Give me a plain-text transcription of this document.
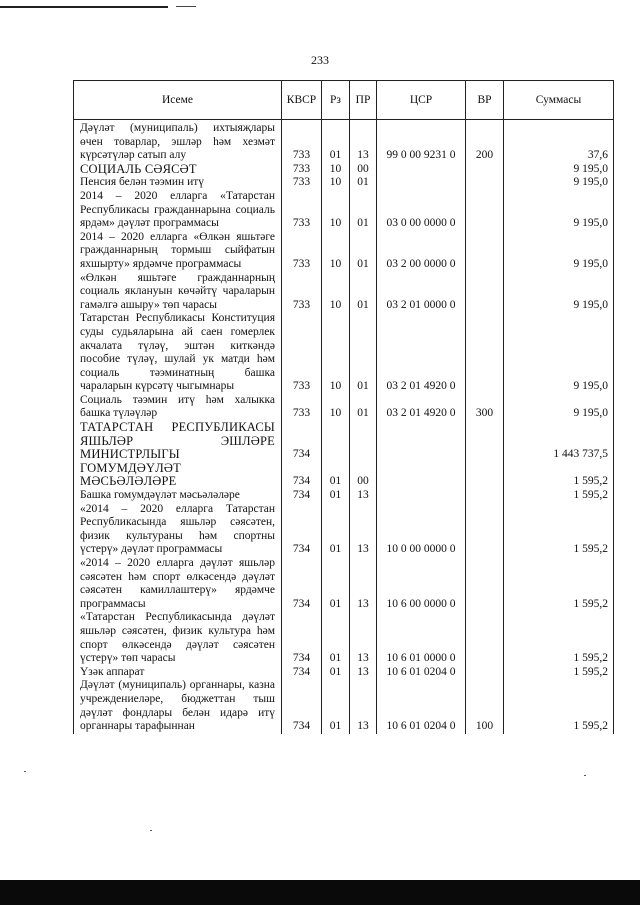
233
Исеме	КВСР	Рз	ПР	ЦСР	ВР	Суммасы
Дәүләт (муниципаль) ихтыяҗлары өчен товарлар, эшләр һәм хезмәт күрсәтүләр сатып алу	733	01	13	99 0 00 9231 0	200	37,6
СОЦИАЛЬ СӘЯСӘТ	733	10	00			9 195,0
Пенсия белән тәэмин итү	733	10	01			9 195,0
2014 – 2020 елларга «Татарстан Республикасы гражданнарына социаль ярдәм» дәүләт программасы	733	10	01	03 0 00 0000 0		9 195,0
2014 – 2020 елларга «Өлкән яшьтәге гражданнарның тормыш сыйфатын яхшырту» ярдәмче программасы	733	10	01	03 2 00 0000 0		9 195,0
«Өлкән яшьтәге гражданнарның социаль яклануын көчәйтү чараларын гамәлгә ашыру» төп чарасы	733	10	01	03 2 01 0000 0		9 195,0
Татарстан Республикасы Конституция суды судьяларына ай саен гомерлек акчалата түләү, эштән киткәндә пособие түләү, шулай ук матди һәм социаль тәэминатның башка чараларын күрсәтү чыгымнары	733	10	01	03 2 01 4920 0		9 195,0
Социаль тәэмин итү һәм халыкка башка түләүләр	733	10	01	03 2 01 4920 0	300	9 195,0
ТАТАРСТАН РЕСПУБЛИКАСЫ ЯШЬЛӘР ЭШЛӘРЕ МИНИСТРЛЫГЫ	734					1 443 737,5
ГОМУМДӘҮЛӘТ МӘСЬӘЛӘЛӘРЕ	734	01	00			1 595,2
Башка гомумдәүләт мәсьәләләре	734	01	13			1 595,2
«2014 – 2020 елларга Татарстан Республикасында яшьләр сәясәтен, физик культураны һәм спортны үстерү» дәүләт программасы	734	01	13	10 0 00 0000 0		1 595,2
«2014 – 2020 елларга дәүләт яшьләр сәясәтен һәм спорт өлкәсендә дәүләт сәясәтен камиллаштерү» ярдәмче программасы	734	01	13	10 6 00 0000 0		1 595,2
«Татарстан Республикасында дәүләт яшьләр сәясәтен, физик культура һәм спорт өлкәсендә дәүләт сәясәтен үстерү» төп чарасы	734	01	13	10 6 01 0000 0		1 595,2
Үзәк аппарат	734	01	13	10 6 01 0204 0		1 595,2
Дәүләт (муниципаль) органнары, казна учреждениеләре, бюджеттан тыш дәүләт фондлары белән идарә итү органнары тарафыннан	734	01	13	10 6 01 0204 0	100	1 595,2
